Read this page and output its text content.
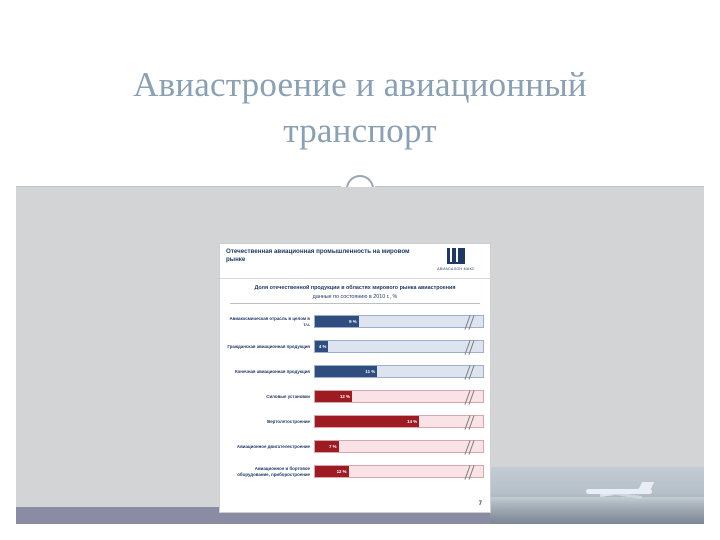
Авиастроение и авиационный транспорт
Отечественная авиационная промышленность на мировом рынке
АВИАСАЛОН МАКС
Доля отечественной продукции в областях мирового рынка авиастроения
данные по состоянию в 2010 г., %
Авиакосмическая отрасль в целом в т.ч.	9 %
Гражданская авиационная продукция	4 %
Конечная авиационная продукция	11 %
Силовые установки	12 %
Вертолетостроение	14 %
Авиационное двигателестроение	7 %
Авиационное и бортовое оборудование, приборостроение	12 %
7
